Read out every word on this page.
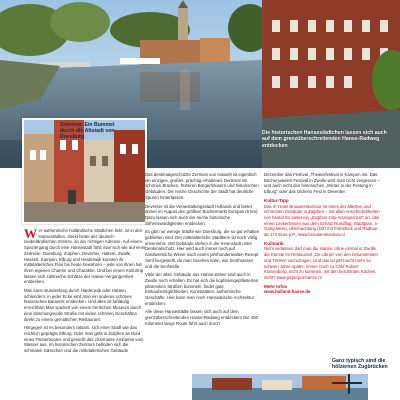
Die historischen Hansestädtchen lassen sich auch auf dem grenzüberschreitenden Hanse-Radweg entdecken
Zeitreise: Ein Bummel durch die Altstadt von Doesburg

Wer authentische holländische Städtchen liebt, ist in den Hansestädten, direkt hinter der deutsch-niederländischen Grenze, an der richtigen Adresse. Auf einem Spaziergang durch eine Hansestadt fühlt man sich wie auf einer Zeitreise. Doesburg, Zutphen, Deventer, Hattem, Zwolle, Hasselt, Kampen, Elburg und Harderwijk konnten ihr mittelalterliches Flair bis heute bewahren – jede von ihnen hat ihren eigenen Charme und Charakter. Und bei einem Kulturtrip lassen sich zahlreiche Schätze der Hanse-Vergangenheit entdecken.

Man kann stundenlang durch Harderwijk oder Hattem schlendern, in jeder Ecke wird man ein anderes schönes historisches Bauwerk entdecken. Und alles ist fußläufig erreichbar! Man spaziert von einem herrlichen Museum durch eine stimmungsvolle Straße mit vielen schönen Geschäften direkt zu einem gemütlichen Restaurant.

Hingegen ist es besonders ratsam, sich einer Stadt wie das reichlich geprägte Elburg. Oder man geht in Zutphen an Bord eines Flüsterbootes und genießt das charmante Ambiente vom Wasser aus. Im historischen Zentrum befinden sich die schmalen Gässchen und die mittelalterlichen Gebäude

Das denkmalgeschützte Zentrum von Hasselt ist eigentlich ein einziges, großes, prächtig erhaltenes Denkmal mit schönen Brücken, früheren Bürgerhäusern und historischen Gebäuden. Die reiche Geschichte der Stadt hat deutliche Spuren hinterlassen.

Deventer ist die Veranstaltungsstadt Hollands und bietet immer im August den größten Büchermarkt Europas (6 km). Dazu lassen sich auch der reiche historische Sehenswürdigkeiten entdecken.

Es gibt nur wenige Städte wie Doesburg, die so gut erhalten geblieben sind. Der mittelalterliche Stadtkern ist noch völlig unversehrt. 150 Gebäude stehen in der Innenstadt unter Denkmalschutz. Hier wird auch immer noch auf handwerkliche Weise nach einem jahrhundertealten Rezept Senf hergestellt, da man zusehen kann, wie Senfmassen und die Senfstelle.

Viele der alten Gebäude aus Hanse-Zeiten sind auch in Zwolle noch erhalten. Es hat sich die kopfsteingepflasterten pittoresken Straßen bummeln, findet gute Einkaufsmöglichkeiten, Kunststätten, authentische Geschäfte. Hier kann man noch Hanseatische Architektur entdecken.

Alle diese Hansestädte lassen sich auch auf dem grenzüberschreitenden Hanse-Radweg entdecken! Die 450 Kilometer lange Route führt auch durch

Dezember das Festival „Theaterfestival in Kampen mit. Das Bücherjuwelen Festival in Zwolle wird man nicht vergessen – und auch nicht den historischen „Winter in der Festung in Elburg“ oder das Dickens Fest in Deventer.

Kultur-Tipp
Das 4* Hotel Brouwerskontoor ist eines der ältesten und schönsten Gebäude in Zutphen – mit allen Annehmlichkeiten von heute! Es bietet ein „Zutphen-City-Arrangement“ an, das einen Leckerbissen aus dem Schatz Rundflug, Stadtplan, 4-Gang-Menü, Übernachtung (DZ) mit Frühstück und Radtour, ab 172 Euro p.P., www.brouwerskontoor.nl

Kulinarik
Nicht verlassen darf man die Hanse, ohne einmal in Zwolle die Künste im Restaurant „De Librije“ von den bekanntesten und Trinken vorzuzeigen. Und das ist jetzt nicht mehr so schwer! Jahre später, immer noch zu Chef Robert Kranenborg, nicht zu kommen, mit den berühmten Köchen, nicht? www.peperpot-hanze.nl

Mehr Infos
www.holland-hanse.de

Ganz typisch sind die hölzernen Zugbrücken
